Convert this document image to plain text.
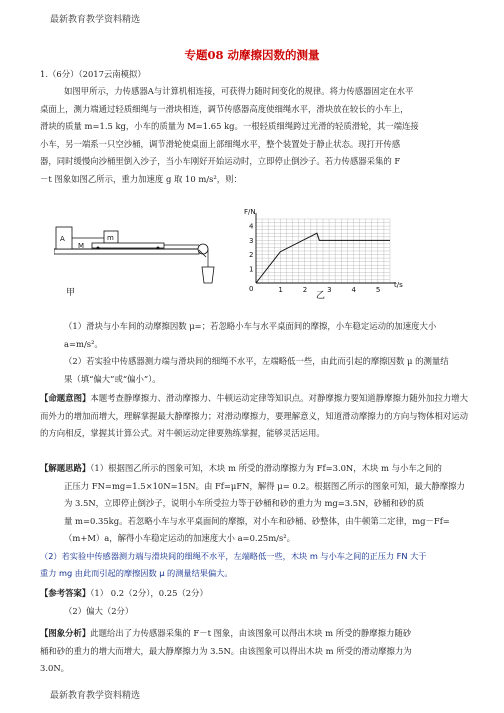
最新教育教学资料精选
专题08 动摩擦因数的测量
1.（6分）（2017云南模拟）

如图甲所示，力传感器A与计算机相连接，可获得力随时间变化的规律。将力传感器固定在水平

桌面上，测力端通过轻质细绳与一滑块相连，调节传感器高度使细绳水平，滑块放在较长的小车上，

滑块的质量 m=1.5 kg，小车的质量为 M=1.65 kg。一根轻质细绳跨过光滑的轻质滑轮，其一端连接

小车，另一端系一只空沙桶，调节滑轮使桌面上部细绳水平，整个装置处于静止状态。现打开传感

器，同时缓慢向沙桶里倒入沙子，当小车刚好开始运动时，立即停止倒沙子。若力传感器采集的 F

－t 图象如图乙所示，重力加速度 g 取 10 m/s²，则：

A	m
M
甲	0	1	2	3	4	5
1
2
3
4
F/N
t/s
乙

（1）滑块与小车间的动摩擦因数 μ=；若忽略小车与水平桌面间的摩擦，小车稳定运动的加速度大小

a=m/s²。

（2）若实验中传感器测力端与滑块间的细绳不水平，左端略低一些，由此而引起的摩擦因数 μ 的测量结

果（填“偏大”或“偏小”）。

【命题意图】本题考查静摩擦力、滑动摩擦力、牛顿运动定律等知识点。对静摩擦力要知道静摩擦力随外加拉力增大而外力的增加而增大，理解掌握最大静摩擦力；对滑动摩擦力，要理解意义，知道滑动摩擦力的方向与物体相对运动的方向相反，掌握其计算公式。对牛顿运动定律要熟练掌握，能够灵活运用。

【解题思路】（1）根据图乙所示的图象可知，木块 m 所受的滑动摩擦力为 Ff=3.0N，木块 m 与小车之间的

正压力 FN=mg=1.5×10N=15N。由 Ff=μFN，解得 μ= 0.2。根据图乙所示的图象可知，最大静摩擦力

为 3.5N，立即停止倒沙子，说明小车所受拉力等于砂桶和砂的重力为 mg=3.5N，砂桶和砂的质

量 m=0.35kg。若忽略小车与水平桌面间的摩擦，对小车和砂桶、砂整体，由牛顿第二定律，mg－Ff=

（m+M）a，解得小车稳定运动的加速度大小 a=0.25m/s²。

（2）若实验中传感器测力端与滑块间的细绳不水平，左端略低一些，木块 m 与小车之间的正压力 FN 大于

重力 mg 由此而引起的摩擦因数 μ 的测量结果偏大。

【参考答案】（1） 0.2（2分），0.25（2分）

（2）偏大（2分）

【图象分析】此题给出了力传感器采集的 F－t 图象，由该图象可以得出木块 m 所受的静摩擦力随砂

桶和砂的重力的增大而增大，最大静摩擦力为 3.5N。由该图象可以得出木块 m 所受的滑动摩擦力为

3.0N。

最新教育教学资料精选
